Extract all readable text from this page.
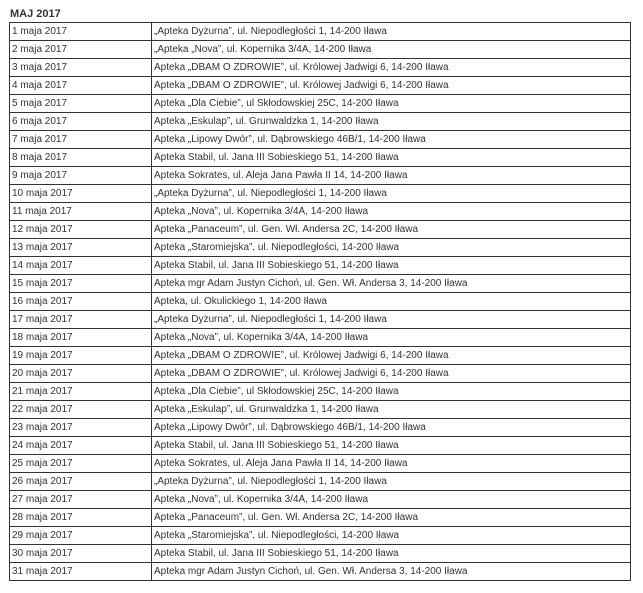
MAJ 2017
1 maja 2017	„Apteka Dyżurna”, ul. Niepodległości 1, 14-200 Iława
2 maja 2017	„Apteka „Nova”, ul. Kopernika 3/4A, 14-200 Iława
3 maja 2017	Apteka „DBAM O ZDROWIE”, ul. Królowej Jadwigi 6, 14-200 Iława
4 maja 2017	Apteka „DBAM O ZDROWIE”, ul. Królowej Jadwigi 6, 14-200 Iława
5 maja 2017	Apteka „Dla Ciebie”, ul Skłodowskiej 25C, 14-200 Iława
6 maja 2017	Apteka „Eskulap”, ul. Grunwaldzka 1, 14-200 Iława
7 maja 2017	Apteka „Lipowy Dwór”, ul. Dąbrowskiego 46B/1, 14-200 Iława
8 maja 2017	Apteka Stabil, ul. Jana III Sobieskiego 51, 14-200 Iława
9 maja 2017	Apteka Sokrates, ul. Aleja Jana Pawła II 14, 14-200 Iława
10 maja 2017	„Apteka Dyżurna”, ul. Niepodległości 1, 14-200 Iława
11 maja 2017	Apteka „Nova”, ul. Kopernika 3/4A, 14-200 Iława
12 maja 2017	Apteka „Panaceum”, ul. Gen. Wł. Andersa 2C, 14-200 Iława
13 maja 2017	Apteka „Staromiejska”, ul. Niepodległości, 14-200 Iława
14 maja 2017	Apteka Stabil, ul. Jana III Sobieskiego 51, 14-200 Iława
15 maja 2017	Apteka mgr Adam Justyn Cichoń, ul. Gen. Wł. Andersa 3, 14-200 Iława
16 maja 2017	Apteka, ul. Okulickiego 1, 14-200 Iława
17 maja 2017	„Apteka Dyżurna”, ul. Niepodległości 1, 14-200 Iława
18 maja 2017	Apteka „Nova”, ul. Kopernika 3/4A, 14-200 Iława
19 maja 2017	Apteka „DBAM O ZDROWIE”, ul. Królowej Jadwigi 6, 14-200 Iława
20 maja 2017	Apteka „DBAM O ZDROWIE”, ul. Królowej Jadwigi 6, 14-200 Iława
21 maja 2017	Apteka „Dla Ciebie”, ul Skłodowskiej 25C, 14-200 Iława
22 maja 2017	Apteka „Eskulap”, ul. Grunwaldzka 1, 14-200 Iława
23 maja 2017	Apteka „Lipowy Dwór”, ul. Dąbrowskiego 46B/1, 14-200 Iława
24 maja 2017	Apteka Stabil, ul. Jana III Sobieskiego 51, 14-200 Iława
25 maja 2017	Apteka Sokrates, ul. Aleja Jana Pawła II 14, 14-200 Iława
26 maja 2017	„Apteka Dyżurna”, ul. Niepodległości 1, 14-200 Iława
27 maja 2017	Apteka „Nova”, ul. Kopernika 3/4A, 14-200 Iława
28 maja 2017	Apteka „Panaceum”, ul. Gen. Wł. Andersa 2C, 14-200 Iława
29 maja 2017	Apteka „Staromiejska”, ul. Niepodległości, 14-200 Iława
30 maja 2017	Apteka Stabil, ul. Jana III Sobieskiego 51, 14-200 Iława
31 maja 2017	Apteka mgr Adam Justyn Cichoń, ul. Gen. Wł. Andersa 3, 14-200 Iława
